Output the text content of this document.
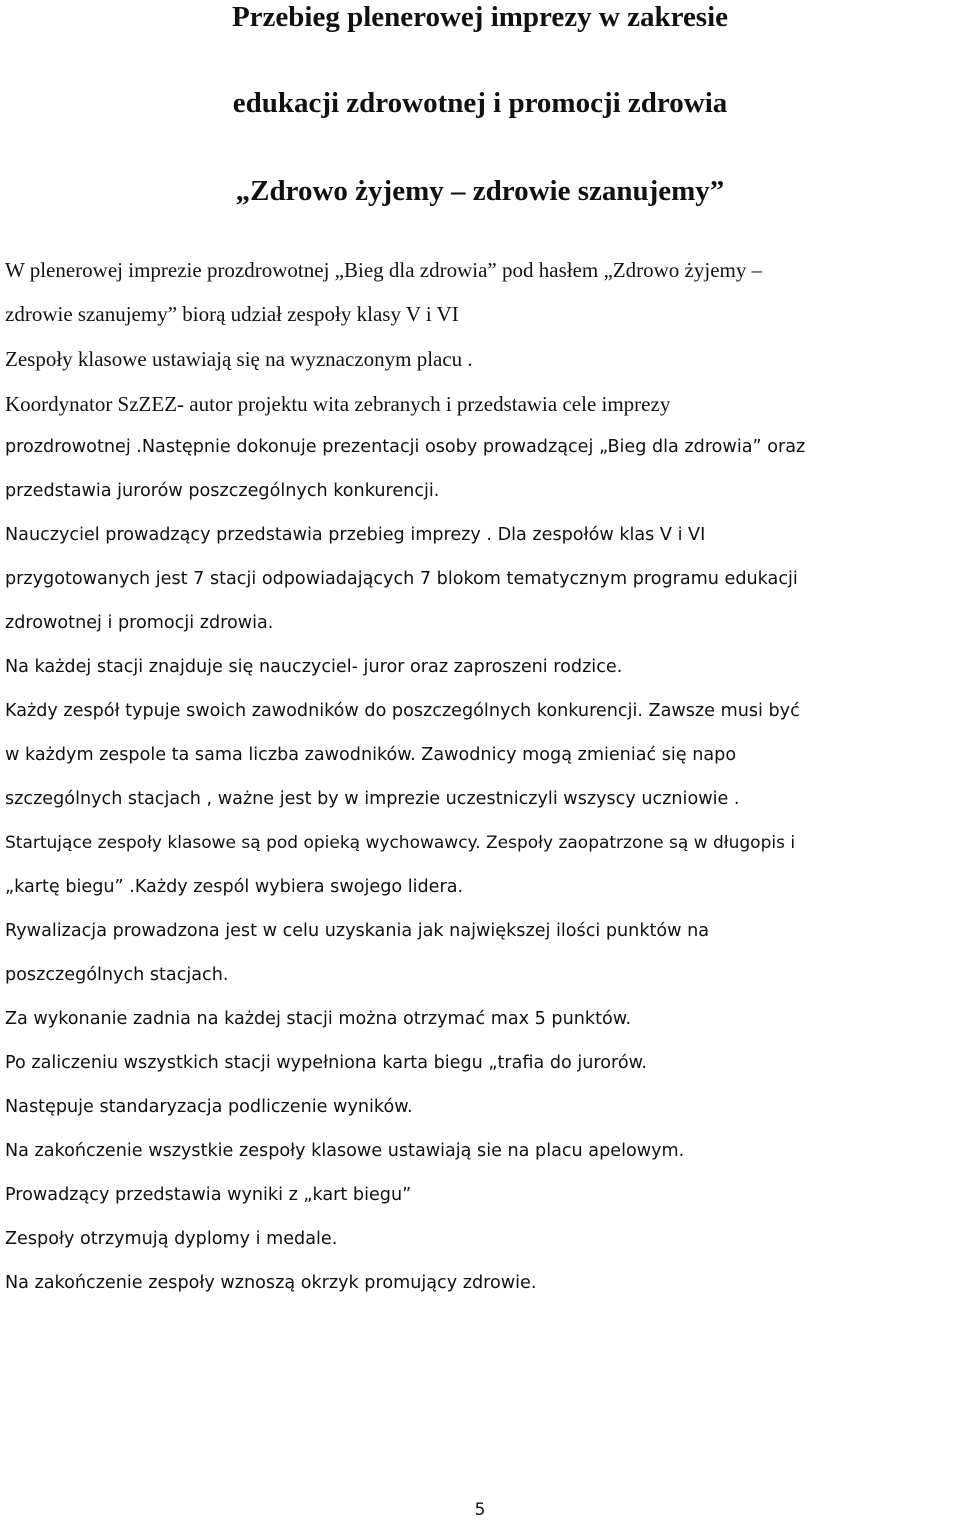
Przebieg plenerowej imprezy w zakresie
edukacji zdrowotnej i promocji zdrowia
„Zdrowo żyjemy – zdrowie szanujemy”

W plenerowej imprezie prozdrowotnej „Bieg dla zdrowia” pod hasłem „Zdrowo żyjemy –

zdrowie szanujemy” biorą udział zespoły klasy V i VI

Zespoły klasowe ustawiają się na wyznaczonym placu .

Koordynator SzZEZ- autor projektu wita zebranych i przedstawia cele imprezy

prozdrowotnej .Następnie dokonuje prezentacji osoby prowadzącej „Bieg dla zdrowia” oraz

przedstawia jurorów poszczególnych konkurencji.

Nauczyciel prowadzący przedstawia przebieg imprezy . Dla zespołów klas V i VI

przygotowanych jest 7 stacji odpowiadających 7 blokom tematycznym programu edukacji

zdrowotnej i promocji zdrowia.

Na każdej stacji znajduje się nauczyciel- juror oraz zaproszeni rodzice.

Każdy zespół typuje swoich zawodników do poszczególnych konkurencji. Zawsze musi być

w każdym zespole ta sama liczba zawodników. Zawodnicy mogą zmieniać się napo

szczególnych stacjach , ważne jest by w imprezie uczestniczyli wszyscy uczniowie .

Startujące zespoły klasowe są pod opieką wychowawcy. Zespoły zaopatrzone są w długopis i

„kartę biegu” .Każdy zespól wybiera swojego lidera.

Rywalizacja prowadzona jest w celu uzyskania jak największej ilości punktów na

poszczególnych stacjach.

Za wykonanie zadnia na każdej stacji można otrzymać max 5 punktów.

Po zaliczeniu wszystkich stacji wypełniona karta biegu „trafia do jurorów.

Następuje standaryzacja podliczenie wyników.

Na zakończenie wszystkie zespoły klasowe ustawiają sie na placu apelowym.

Prowadzący przedstawia wyniki z „kart biegu”

Zespoły otrzymują dyplomy i medale.

Na zakończenie zespoły wznoszą okrzyk promujący zdrowie.

5
